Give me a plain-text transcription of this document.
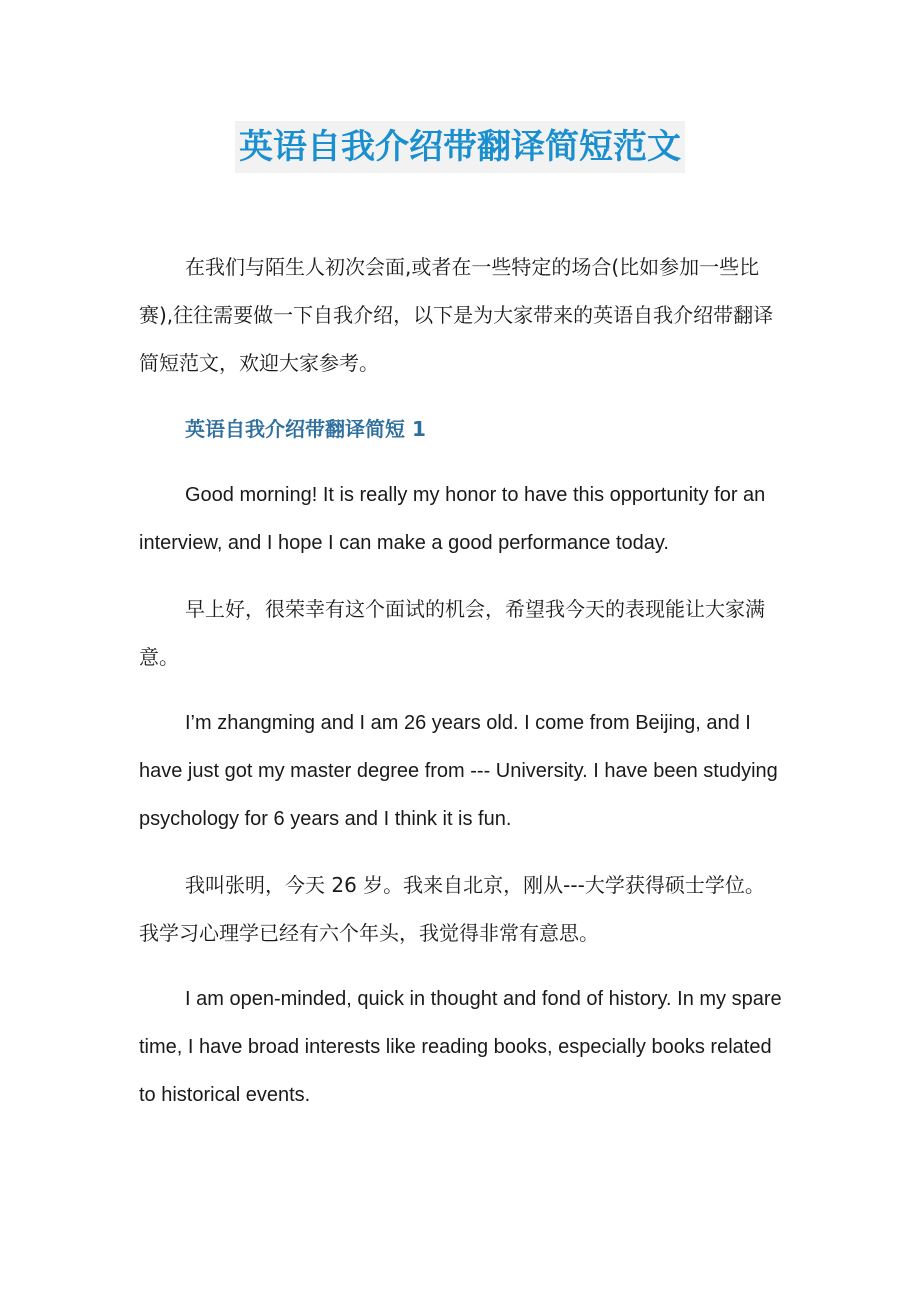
英语自我介绍带翻译简短范文

在我们与陌生人初次会面,或者在一些特定的场合(比如参加一些比赛),往往需要做一下自我介绍，以下是为大家带来的英语自我介绍带翻译简短范文，欢迎大家参考。

英语自我介绍带翻译简短 1

Good morning! It is really my honor to have this opportunity for an interview, and I hope I can make a good performance today.

早上好，很荣幸有这个面试的机会，希望我今天的表现能让大家满意。

I’m zhangming and I am 26 years old. I come from Beijing, and I have just got my master degree from --- University. I have been studying psychology for 6 years and I think it is fun.

我叫张明，今天 26 岁。我来自北京，刚从---大学获得硕士学位。我学习心理学已经有六个年头，我觉得非常有意思。

I am open-minded, quick in thought and fond of history. In my spare time, I have broad interests like reading books, especially books related to historical events.
